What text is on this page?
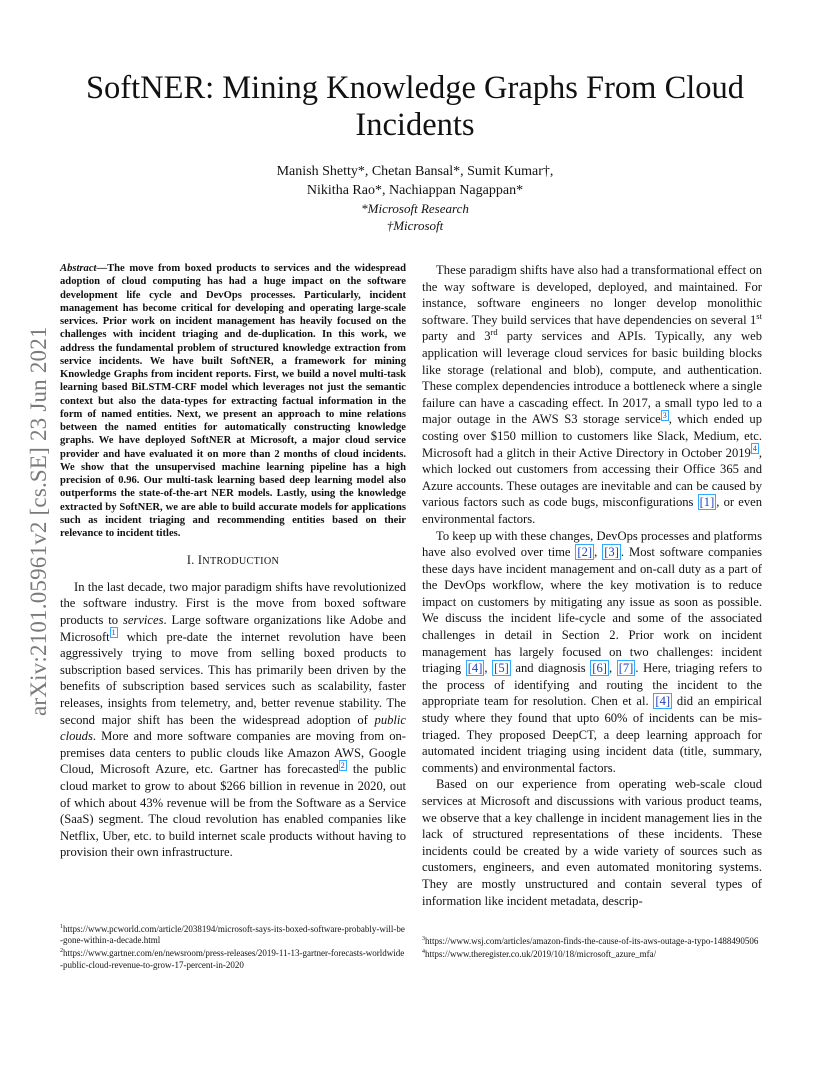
arXiv:2101.05961v2 [cs.SE] 23 Jun 2021
SoftNER: Mining Knowledge Graphs From Cloud Incidents
Manish Shetty*, Chetan Bansal*, Sumit Kumar†,
Nikitha Rao*, Nachiappan Nagappan*
*Microsoft Research
†Microsoft

Abstract—The move from boxed products to services and the widespread adoption of cloud computing has had a huge impact on the software development life cycle and DevOps processes. Particularly, incident management has become critical for developing and operating large-scale services. Prior work on incident management has heavily focused on the challenges with incident triaging and de-duplication. In this work, we address the fundamental problem of structured knowledge extraction from service incidents. We have built SoftNER, a framework for mining Knowledge Graphs from incident reports. First, we build a novel multi-task learning based BiLSTM-CRF model which leverages not just the semantic context but also the data-types for extracting factual information in the form of named entities. Next, we present an approach to mine relations between the named entities for automatically constructing knowledge graphs. We have deployed SoftNER at Microsoft, a major cloud service provider and have evaluated it on more than 2 months of cloud incidents. We show that the unsupervised machine learning pipeline has a high precision of 0.96. Our multi-task learning based deep learning model also outperforms the state-of-the-art NER models. Lastly, using the knowledge extracted by SoftNER, we are able to build accurate models for applications such as incident triaging and recommending entities based on their relevance to incident titles.

I. INTRODUCTION

In the last decade, two major paradigm shifts have revolutionized the software industry. First is the move from boxed software products to services. Large software organizations like Adobe and Microsoft $^1$ which pre-date the internet revolution have been aggressively trying to move from selling boxed products to subscription based services. This has primarily been driven by the benefits of subscription based services such as scalability, faster releases, insights from telemetry, and, better revenue stability. The second major shift has been the widespread adoption of public clouds. More and more software companies are moving from on-premises data centers to public clouds like Amazon AWS, Google Cloud, Microsoft Azure, etc. Gartner has forecasted $^2$ the public cloud market to grow to about $266 billion in revenue in 2020, out of which about 43% revenue will be from the Software as a Service (SaaS) segment. The cloud revolution has enabled companies like Netflix, Uber, etc. to build internet scale products without having to provision their own infrastructure.

These paradigm shifts have also had a transformational effect on the way software is developed, deployed, and maintained. For instance, software engineers no longer develop monolithic software. They build services that have dependencies on several 1st party and 3rd party services and APIs. Typically, any web application will leverage cloud services for basic building blocks like storage (relational and blob), compute, and authentication. These complex dependencies introduce a bottleneck where a single failure can have a cascading effect. In 2017, a small typo led to a major outage in the AWS S3 storage service $^3$ , which ended up costing over $150 million to customers like Slack, Medium, etc. Microsoft had a glitch in their Active Directory in October 2019 $^4$ , which locked out customers from accessing their Office 365 and Azure accounts. These outages are inevitable and can be caused by various factors such as code bugs, misconfigurations [1] , or even environmental factors.

To keep up with these changes, DevOps processes and platforms have also evolved over time [2] , [3] . Most software companies these days have incident management and on-call duty as a part of the DevOps workflow, where the key motivation is to reduce impact on customers by mitigating any issue as soon as possible. We discuss the incident life-cycle and some of the associated challenges in detail in Section 2. Prior work on incident management has largely focused on two challenges: incident triaging [4] , [5] and diagnosis [6] , [7] . Here, triaging refers to the process of identifying and routing the incident to the appropriate team for resolution. Chen et al. [4] did an empirical study where they found that upto 60% of incidents can be mis-triaged. They proposed DeepCT, a deep learning approach for automated incident triaging using incident data (title, summary, comments) and environmental factors.

Based on our experience from operating web-scale cloud services at Microsoft and discussions with various product teams, we observe that a key challenge in incident management lies in the lack of structured representations of these incidents. These incidents could be created by a wide variety of sources such as customers, engineers, and even automated monitoring systems. They are mostly unstructured and contain several types of information like incident metadata, descrip-

$^1$https://www.pcworld.com/article/2038194/microsoft-says-its-boxed-software-probably-will-be-gone-within-a-decade.html

$^2$https://www.gartner.com/en/newsroom/press-releases/2019-11-13-gartner-forecasts-worldwide-public-cloud-revenue-to-grow-17-percent-in-2020

$^3$https://www.wsj.com/articles/amazon-finds-the-cause-of-its-aws-outage-a-typo-1488490506

$^4$https://www.theregister.co.uk/2019/10/18/microsoft_azure_mfa/
